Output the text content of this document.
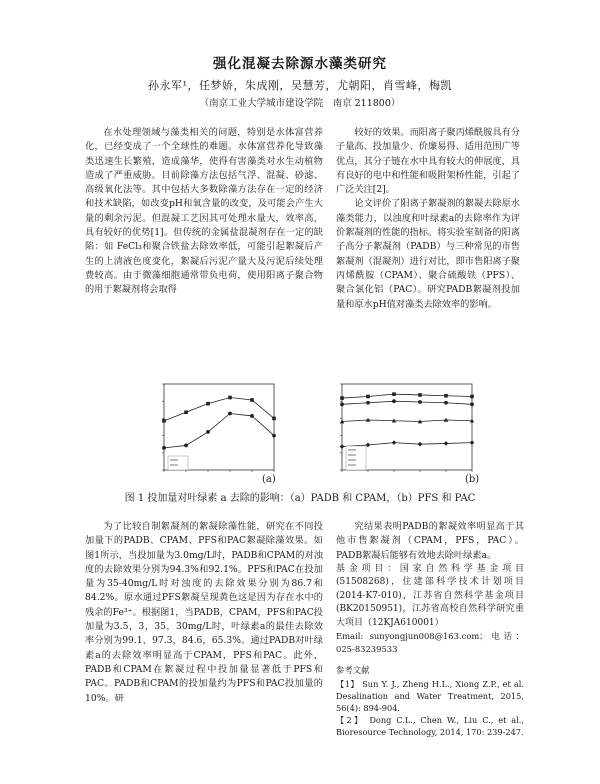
强化混凝去除源水藻类研究
孙永军¹，任梦娇，朱成刚，吴慧芳，尤朝阳，肖雪峰，梅凯
（南京工业大学城市建设学院　南京 211800）

在水处理领域与藻类相关的问题，特别是水体富营养化，已经变成了一个全球性的难题。水体富营养化导致藻类迅速生长繁殖，造成藻华，使得有害藻类对水生动植物造成了严重威胁。目前除藻方法包括气浮、混凝、砂滤、高级氧化法等。其中包括大多数除藻方法存在一定的经济和技术缺陷，如改变pH和氧含量的改变，及可能会产生大量的剩余污泥。但混凝工艺因其可处理水量大，效率高，具有较好的优势[1]。但传统的金属盐混凝剂存在一定的缺陷：如 FeCl₃和聚合铁盐去除效率低，可能引起絮凝后产生的上清液色度变化，絮凝后污泥产量大及污泥后续处理费较高。由于微藻细胞通常带负电荷，使用阳离子聚合物的用于絮凝剂将会取得

较好的效果。而阳离子聚丙烯酰胺具有分子量高、投加量少、价廉易得、适用范围广等优点，其分子链在水中具有较大的伸展度，具有良好的电中和性能和吸附架桥性能，引起了广泛关注[2]。

论文评价了阳离子絮凝剂的絮凝去除原水藻类能力，以浊度和叶绿素a的去除率作为评价絮凝剂的性能的指标。将实验室制备的阳离子高分子絮凝剂（PADB）与三种常见的市售絮凝剂（混凝剂）进行对比，即市售阳离子聚丙烯酰胺（CPAM）、聚合硫酸铁（PFS）、聚合氯化铝（PAC）。研究PADB絮凝剂投加量和原水pH值对藻类去除效率的影响。

(a)	(b)
图 1 投加量对叶绿素 a 去除的影响：（a）PADB 和 CPAM，（b）PFS 和 PAC

为了比较自制絮凝剂的絮凝除藻性能，研究在不同投加量下的PADB、CPAM、PFS和PAC絮凝除藻效果。如图1所示，当投加量为3.0mg/L时，PADB和CPAM的对浊度的去除效果分别为94.3%和92.1%。PFS和PAC在投加量为35-40mg/L时对浊度的去除效果分别为86.7和84.2%。原水通过PFS絮凝呈现黄色这是因为存在水中的残余的Fe³⁺。根据图1，当PADB，CPAM，PFS和PAC投加量为3.5，3，35，30mg/L时，叶绿素a的最佳去除效率分别为99.1，97.3，84.6，65.3%。通过PADB对叶绿素a的去除效率明显高于CPAM，PFS和PAC。此外，PADB和CPAM在絮凝过程中投加量显著低于PFS和PAC。PADB和CPAM的投加量约为PFS和PAC投加量的10%。研

究结果表明PADB的絮凝效率明显高于其他市售絮凝剂（CPAM，PFS，PAC）。PADB絮凝后能够有效地去除叶绿素a。

基金项目：国家自然科学基金项目(51508268)，住建部科学技术计划项目(2014-K7-010)，江苏省自然科学基金项目(BK20150951)，江苏省高校自然科学研究重大项目（12KJA610001）

Email: sunyongjun008@163.com；电话：025-83239533

参考文献

【1】 Sun Y. J., Zheng H.L., Xiong Z.P., et al. Desalination and Water Treatment, 2015, 56(4): 894-904.

【2】 Dong C.L., Chen W., Liu C., et al., Bioresource Technology, 2014, 170: 239-247.
